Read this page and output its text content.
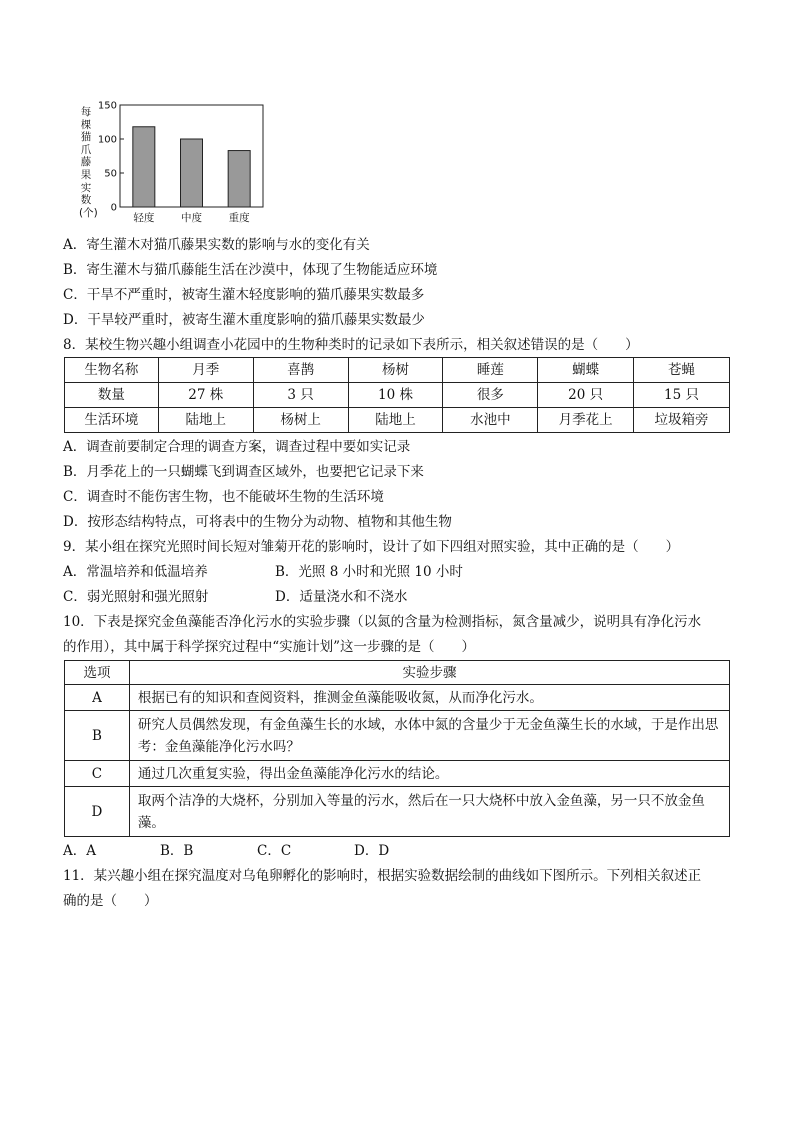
每棵猫爪藤果实数(个) 0
50
100
150
轻度	中度	重度
A．寄生灌木对猫爪藤果实数的影响与水的变化有关
B．寄生灌木与猫爪藤能生活在沙漠中，体现了生物能适应环境
C．干旱不严重时，被寄生灌木轻度影响的猫爪藤果实数最多
D．干旱较严重时，被寄生灌木重度影响的猫爪藤果实数最少
8．某校生物兴趣小组调查小花园中的生物种类时的记录如下表所示，相关叙述错误的是（　　）
生物名称	月季	喜鹊	杨树	睡莲	蝴蝶	苍蝇
数量	27 株	3 只	10 株	很多	20 只	15 只
生活环境	陆地上	杨树上	陆地上	水池中	月季花上	垃圾箱旁
A．调查前要制定合理的调查方案，调查过程中要如实记录
B．月季花上的一只蝴蝶飞到调查区域外，也要把它记录下来
C．调查时不能伤害生物，也不能破坏生物的生活环境
D．按形态结构特点，可将表中的生物分为动物、植物和其他生物
9．某小组在探究光照时间长短对雏菊开花的影响时，设计了如下四组对照实验，其中正确的是（　　）
A．常温培养和低温培养	B．光照 8 小时和光照 10 小时
C．弱光照射和强光照射	D．适量浇水和不浇水
10．下表是探究金鱼藻能否净化污水的实验步骤（以氮的含量为检测指标，氮含量减少，说明具有净化污水
的作用），其中属于科学探究过程中“实施计划”这一步骤的是（　　）
选项	实验步骤
A	根据已有的知识和查阅资料，推测金鱼藻能吸收氮，从而净化污水。
B	研究人员偶然发现，有金鱼藻生长的水域，水体中氮的含量少于无金鱼藻生长的水域，于是作出思考：金鱼藻能净化污水吗？
C	通过几次重复实验，得出金鱼藻能净化污水的结论。
D	取两个洁净的大烧杯，分别加入等量的污水，然后在一只大烧杯中放入金鱼藻，另一只不放金鱼藻。
A．A	B．B	C．C	D．D
11．某兴趣小组在探究温度对乌龟卵孵化的影响时，根据实验数据绘制的曲线如下图所示。下列相关叙述正
确的是（　　）
